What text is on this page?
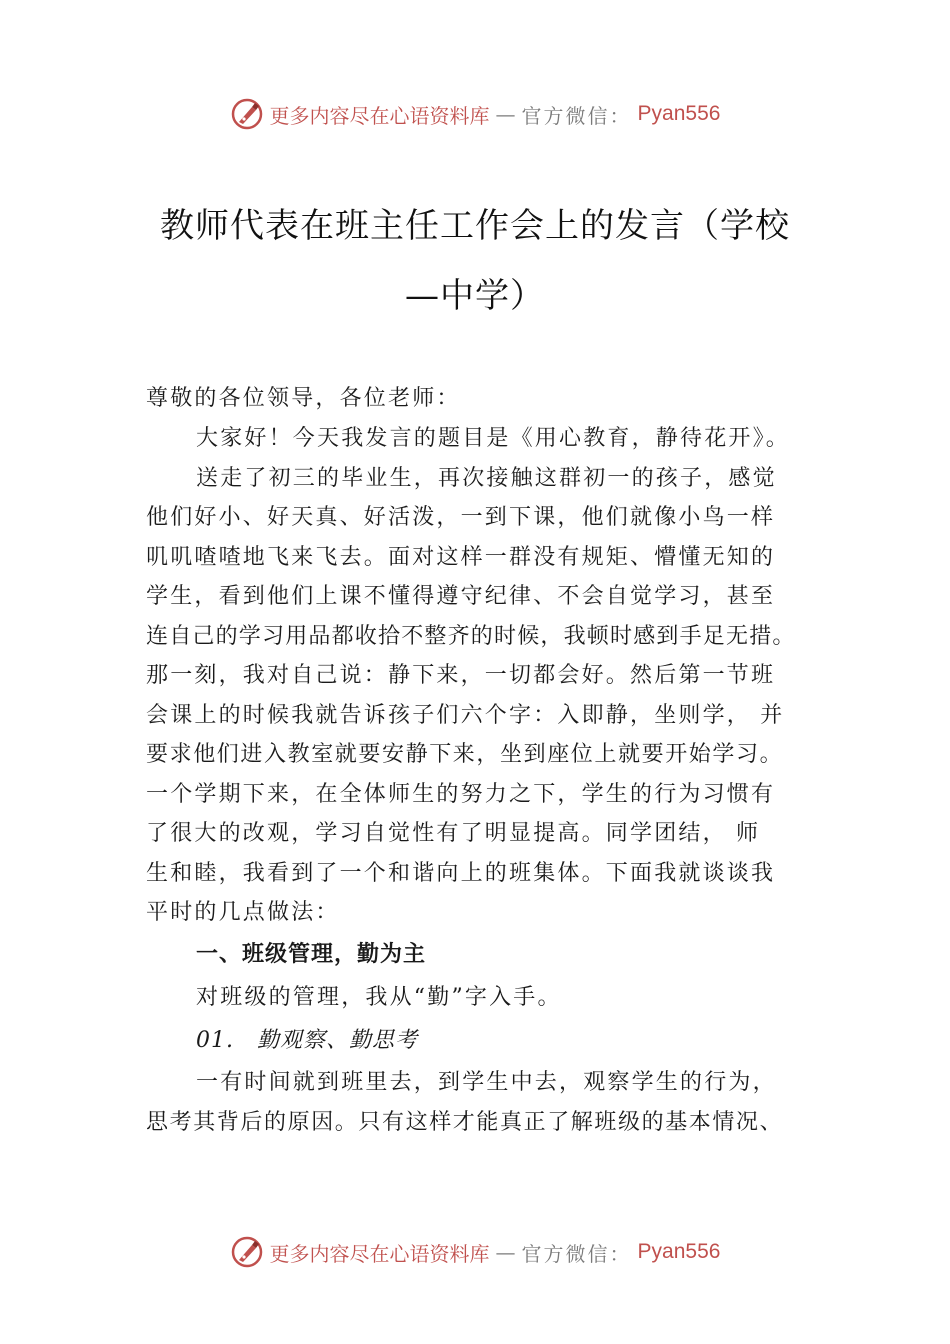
更多内容尽在心语资料库 — 官方微信： Pyan556
教师代表在班主任工作会上的发言（学校
—中学）
尊敬的各位领导，各位老师：
大家好！今天我发言的题目是《用心教育，静待花开》。
送走了初三的毕业生，再次接触这群初一的孩子，感觉
他们好小、好天真、好活泼，一到下课，他们就像小鸟一样
叽叽喳喳地飞来飞去。面对这样一群没有规矩、懵懂无知的
学生，看到他们上课不懂得遵守纪律、不会自觉学习，甚至
连自己的学习用品都收拾不整齐的时候，我顿时感到手足无措。
那一刻，我对自己说：静下来，一切都会好。然后第一节班
会课上的时候我就告诉孩子们六个字：入即静，坐则学， 并
要求他们进入教室就要安静下来，坐到座位上就要开始学习。
一个学期下来，在全体师生的努力之下，学生的行为习惯有
了很大的改观，学习自觉性有了明显提高。同学团结， 师
生和睦，我看到了一个和谐向上的班集体。下面我就谈谈我
平时的几点做法：
一、班级管理，勤为主
对班级的管理，我从“勤”字入手。
01.　勤观察、勤思考
一有时间就到班里去，到学生中去，观察学生的行为，
思考其背后的原因。只有这样才能真正了解班级的基本情况、
更多内容尽在心语资料库 — 官方微信： Pyan556
